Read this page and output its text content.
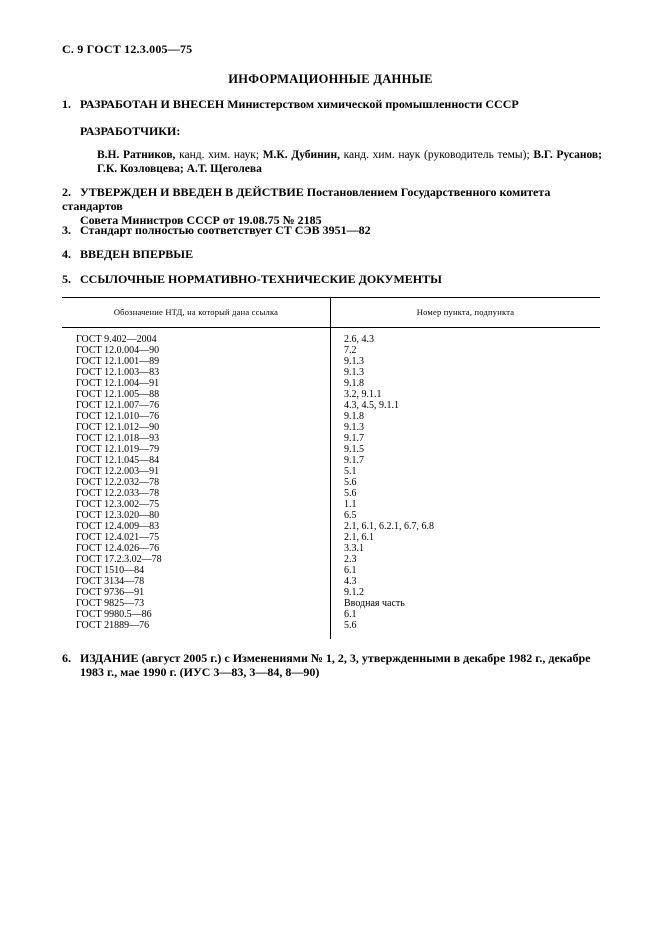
С. 9 ГОСТ 12.3.005—75
ИНФОРМАЦИОННЫЕ ДАННЫЕ
1. РАЗРАБОТАН И ВНЕСЕН Министерством химической промышленности СССР
РАЗРАБОТЧИКИ:
В.Н. Ратников, канд. хим. наук; М.К. Дубинин, канд. хим. наук (руководитель темы); В.Г. Русанов; Г.К. Козловцева; А.Т. Щеголева
2. УТВЕРЖДЕН И ВВЕДЕН В ДЕЙСТВИЕ Постановлением Государственного комитета стандартов
Совета Министров СССР от 19.08.75 № 2185
3. Стандарт полностью соответствует СТ СЭВ 3951—82
4. ВВЕДЕН ВПЕРВЫЕ
5. ССЫЛОЧНЫЕ НОРМАТИВНО-ТЕХНИЧЕСКИЕ ДОКУМЕНТЫ
Обозначение НТД, на который дана ссылка	Номер пункта, подпункта
ГОСТ 9.402—2004
ГОСТ 12.0.004—90
ГОСТ 12.1.001—89
ГОСТ 12.1.003—83
ГОСТ 12.1.004—91
ГОСТ 12.1.005—88
ГОСТ 12.1.007—76
ГОСТ 12.1.010—76
ГОСТ 12.1.012—90
ГОСТ 12.1.018—93
ГОСТ 12.1.019—79
ГОСТ 12.1.045—84
ГОСТ 12.2.003—91
ГОСТ 12.2.032—78
ГОСТ 12.2.033—78
ГОСТ 12.3.002—75
ГОСТ 12.3.020—80
ГОСТ 12.4.009—83
ГОСТ 12.4.021—75
ГОСТ 12.4.026—76
ГОСТ 17.2.3.02—78
ГОСТ 1510—84
ГОСТ 3134—78
ГОСТ 9736—91
ГОСТ 9825—73
ГОСТ 9980.5—86
ГОСТ 21889—76
2.6, 4.3
7.2
9.1.3
9.1.3
9.1.8
3.2, 9.1.1
4.3, 4.5, 9.1.1
9.1.8
9.1.3
9.1.7
9.1.5
9.1.7
5.1
5.6
5.6
1.1
6.5
2.1, 6.1, 6.2.1, 6.7, 6.8
2.1, 6.1
3.3.1
2.3
6.1
4.3
9.1.2
Вводная часть
6.1
5.6
6. ИЗДАНИЕ (август 2005 г.) с Изменениями № 1, 2, 3, утвержденными в декабре 1982 г., декабре
1983 г., мае 1990 г. (ИУС 3—83, 3—84, 8—90)
